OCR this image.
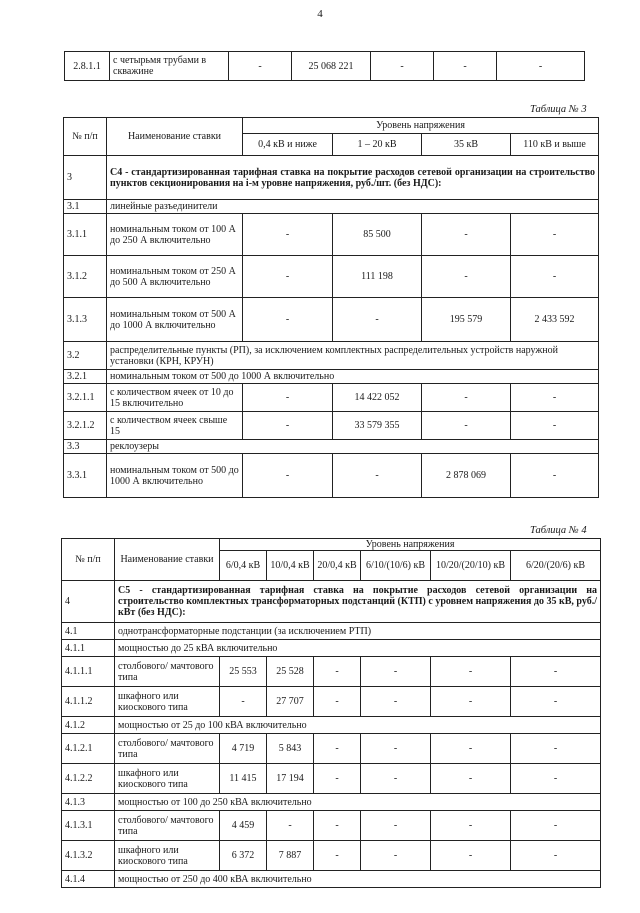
4
2.8.1.1	с четырьмя трубами в скважине	-	25 068 221	-	-	-
Таблица № 3
№ п/п	Наименование ставки	Уровень напряжения			
		0,4 кВ и ниже	1 – 20 кВ	35 кВ	110 кВ и выше
3	С4 - стандартизированная тарифная ставка на покрытие расходов сетевой организации на строительство пунктов секционирования на i-м уровне напряжения, руб./шт. (без НДС):				
3.1	линейные разъединители				
3.1.1	номинальным током от 100 А до 250 А включительно	-	85 500	-	-
3.1.2	номинальным током от 250 А до 500 А включительно	-	111 198	-	-
3.1.3	номинальным током от 500 А до 1000 А включительно	-	-	195 579	2 433 592
3.2	распределительные пункты (РП), за исключением комплектных распределительных устройств наружной установки (КРН, КРУН)				
3.2.1	номинальным током от 500 до 1000 А включительно				
3.2.1.1	с количеством ячеек от 10 до 15 включительно	-	14 422 052	-	-
3.2.1.2	с количеством ячеек свыше 15	-	33 579 355	-	-
3.3	реклоузеры				
3.3.1	номинальным током от 500 до 1000 А включительно	-	-	2 878 069	-
Таблица № 4
№ п/п	Наименование ставки	Уровень напряжения					
		6/0,4 кВ	10/0,4 кВ	20/0,4 кВ	6/10/(10/6) кВ	10/20/(20/10) кВ	6/20/(20/6) кВ
4	С5 - стандартизированная тарифная ставка на покрытие расходов сетевой организации на строительство комплектных трансформаторных подстанций (КТП) с уровнем напряжения до 35 кВ, руб./кВт (без НДС):						
4.1	однотрансформаторные подстанции (за исключением РТП)						
4.1.1	мощностью до 25 кВА включительно						
4.1.1.1	столбового/ мачтового типа	25 553	25 528	-	-	-	-
4.1.1.2	шкафного или киоскового типа	-	27 707	-	-	-	-
4.1.2	мощностью от 25 до 100 кВА включительно						
4.1.2.1	столбового/ мачтового типа	4 719	5 843	-	-	-	-
4.1.2.2	шкафного или киоскового типа	11 415	17 194	-	-	-	-
4.1.3	мощностью от 100 до 250 кВА включительно						
4.1.3.1	столбового/ мачтового типа	4 459	-	-	-	-	-
4.1.3.2	шкафного или киоскового типа	6 372	7 887	-	-	-	-
4.1.4	мощностью от 250 до 400 кВА включительно						
